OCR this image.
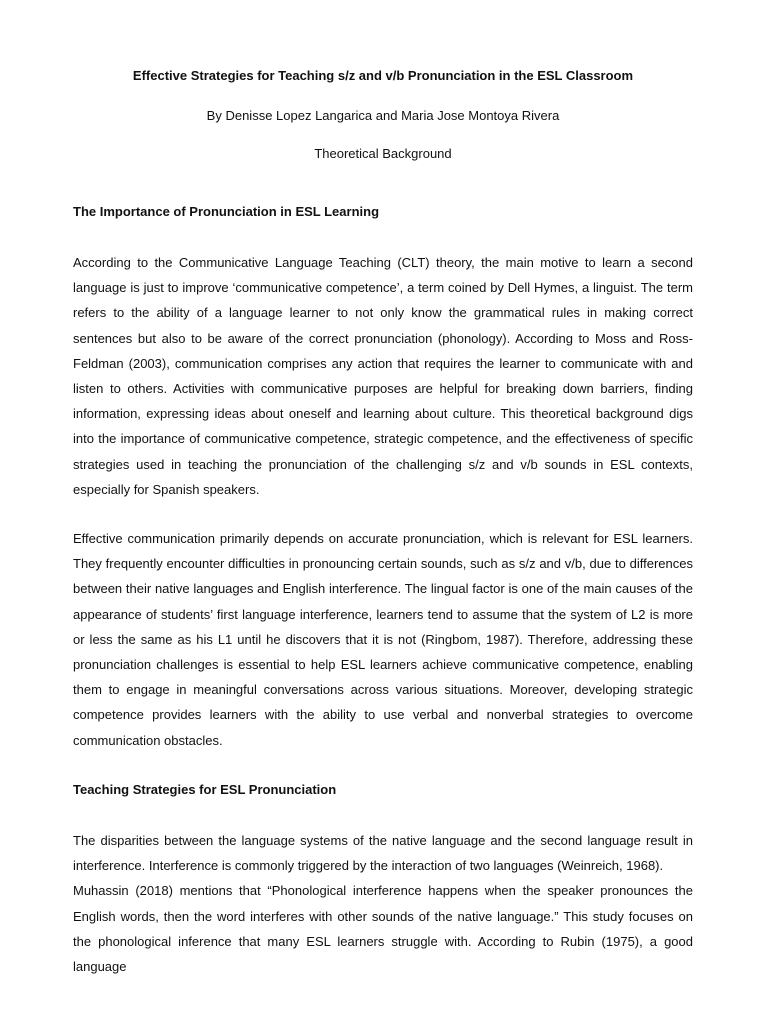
Effective Strategies for Teaching s/z and v/b Pronunciation in the ESL Classroom
By Denisse Lopez Langarica and Maria Jose Montoya Rivera
Theoretical Background
The Importance of Pronunciation in ESL Learning

According to the Communicative Language Teaching (CLT) theory, the main motive to learn a second language is just to improve ‘communicative competence’, a term coined by Dell Hymes, a linguist. The term refers to the ability of a language learner to not only know the grammatical rules in making correct sentences but also to be aware of the correct pronunciation (phonology). According to Moss and Ross-Feldman (2003), communication comprises any action that requires the learner to communicate with and listen to others. Activities with communicative purposes are helpful for breaking down barriers, finding information, expressing ideas about oneself and learning about culture. This theoretical background digs into the importance of communicative competence, strategic competence, and the effectiveness of specific strategies used in teaching the pronunciation of the challenging s/z and v/b sounds in ESL contexts, especially for Spanish speakers.

Effective communication primarily depends on accurate pronunciation, which is relevant for ESL learners. They frequently encounter difficulties in pronouncing certain sounds, such as s/z and v/b, due to differences between their native languages and English interference. The lingual factor is one of the main causes of the appearance of students’ first language interference, learners tend to assume that the system of L2 is more or less the same as his L1 until he discovers that it is not (Ringbom, 1987). Therefore, addressing these pronunciation challenges is essential to help ESL learners achieve communicative competence, enabling them to engage in meaningful conversations across various situations. Moreover, developing strategic competence provides learners with the ability to use verbal and nonverbal strategies to overcome communication obstacles.

Teaching Strategies for ESL Pronunciation

The disparities between the language systems of the native language and the second language result in interference. Interference is commonly triggered by the interaction of two languages (Weinreich, 1968).
Muhassin (2018) mentions that “Phonological interference happens when the speaker pronounces the English words, then the word interferes with other sounds of the native language.” This study focuses on the phonological inference that many ESL learners struggle with. According to Rubin (1975), a good language
